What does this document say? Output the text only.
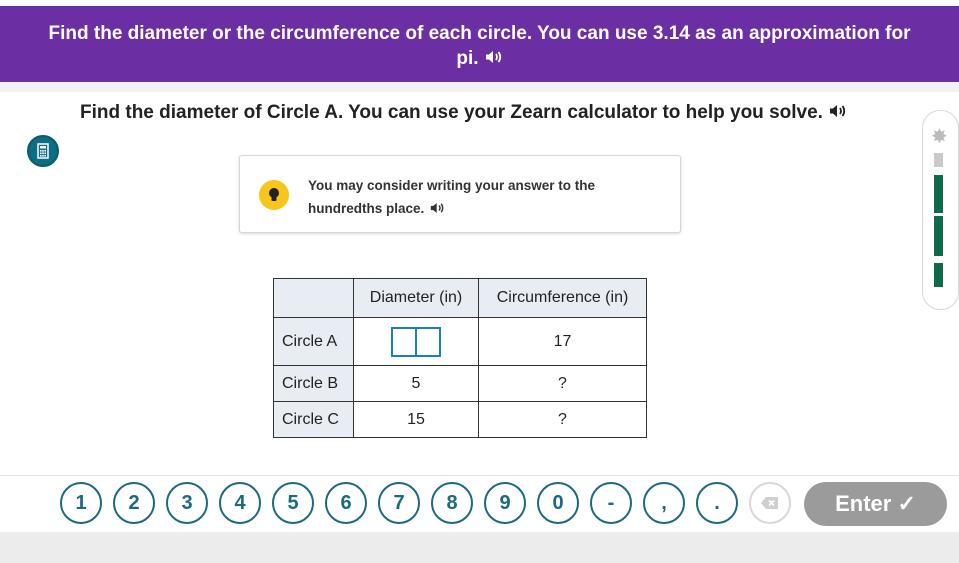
Find the diameter or the circumference of each circle. You can use 3.14 as an approximation for pi.
Find the diameter of Circle A. You can use your Zearn calculator to help you solve.
You may consider writing your answer to the hundredths place.
	Diameter (in)	Circumference (in)
Circle A		17
Circle B	5	?
Circle C	15	?
✸
1	2	3	4	5	6	7	8	9	0	-	,	.	Enter ✓
